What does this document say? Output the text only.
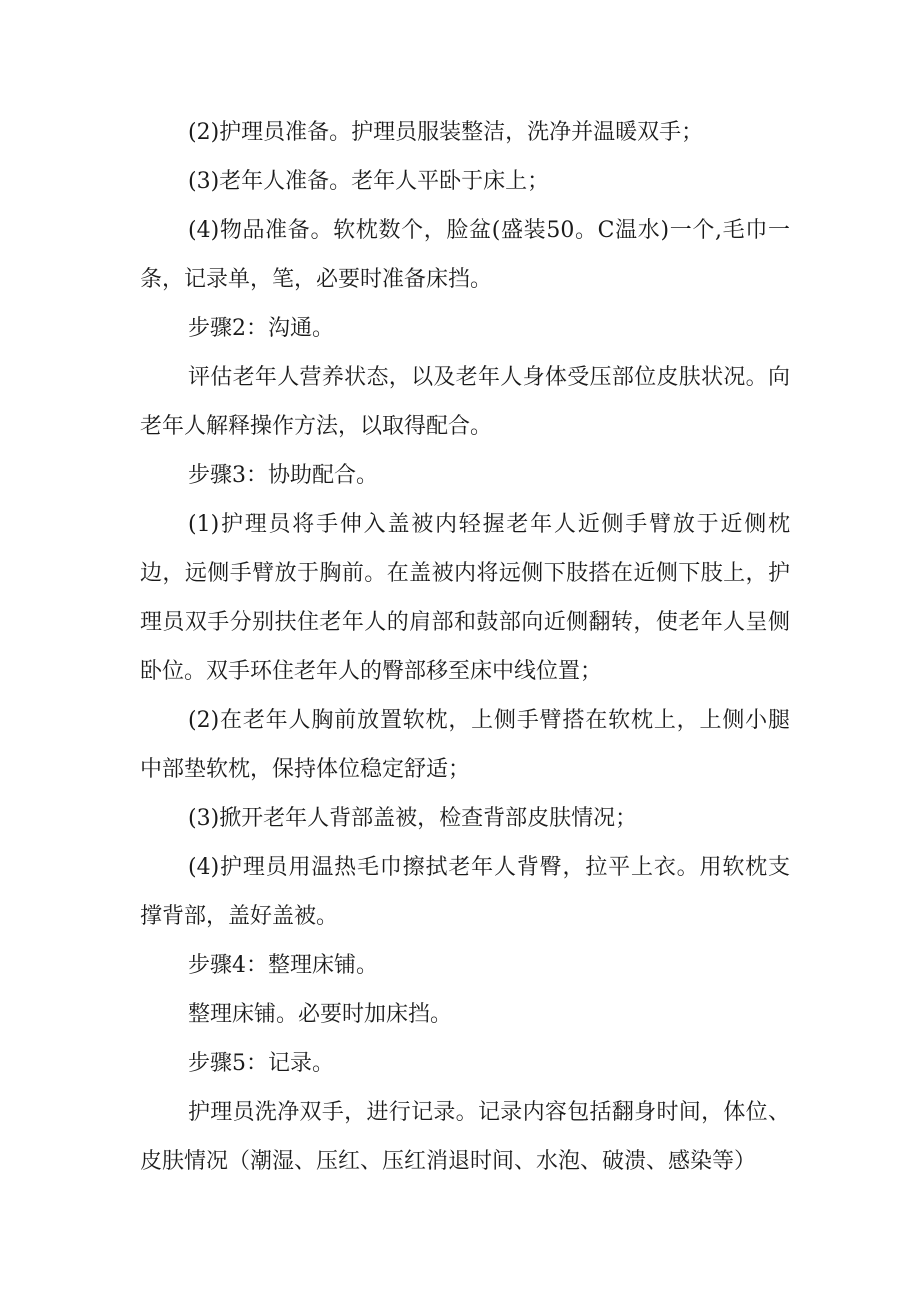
(2)护理员准备。护理员服装整洁，洗净并温暖双手；

(3)老年人准备。老年人平卧于床上；

(4)物品准备。软枕数个，脸盆(盛装50。C温水)一个,毛巾一条，记录单，笔，必要时准备床挡。

步骤2：沟通。

评估老年人营养状态，以及老年人身体受压部位皮肤状况。向老年人解释操作方法，以取得配合。

步骤3：协助配合。

(1)护理员将手伸入盖被内轻握老年人近侧手臂放于近侧枕边，远侧手臂放于胸前。在盖被内将远侧下肢搭在近侧下肢上，护理员双手分别扶住老年人的肩部和鼓部向近侧翻转，使老年人呈侧卧位。双手环住老年人的臀部移至床中线位置；

(2)在老年人胸前放置软枕，上侧手臂搭在软枕上，上侧小腿中部垫软枕，保持体位稳定舒适；

(3)掀开老年人背部盖被，检查背部皮肤情况；

(4)护理员用温热毛巾擦拭老年人背臀，拉平上衣。用软枕支撑背部，盖好盖被。

步骤4：整理床铺。

整理床铺。必要时加床挡。

步骤5：记录。

护理员洗净双手，进行记录。记录内容包括翻身时间，体位、皮肤情况（潮湿、压红、压红消退时间、水泡、破溃、感染等）
